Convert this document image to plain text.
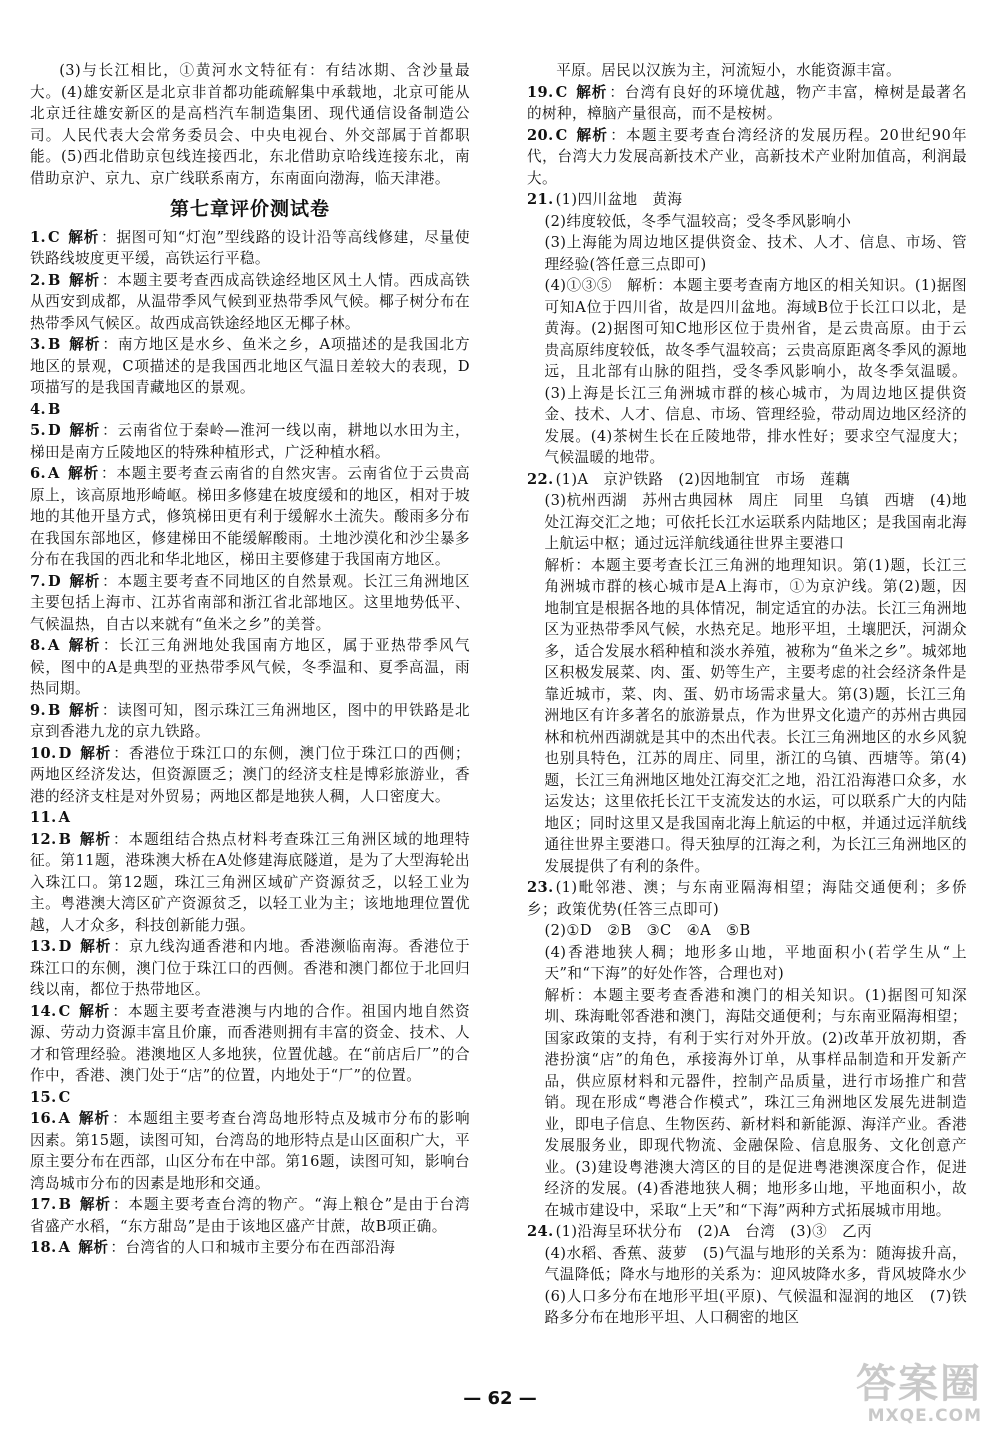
(3)与长江相比，①黄河水文特征有：有结冰期、含沙量最大。(4)雄安新区是北京非首都功能疏解集中承载地，北京可能从北京迁往雄安新区的是高档汽车制造集团、现代通信设备制造公司。人民代表大会常务委员会、中央电视台、外交部属于首都职能。(5)西北借助京包线连接西北，东北借助京哈线连接东北，南借助京沪、京九、京广线联系南方，东南面向渤海，临天津港。

第七章评价测试卷

1. C 解析 ：据图可知“灯泡”型线路的设计沿等高线修建，尽量使铁路线坡度更平缓，高铁运行平稳。

2. B 解析 ：本题主要考查西成高铁途经地区风土人情。西成高铁从西安到成都，从温带季风气候到亚热带季风气候。椰子树分布在热带季风气候区。故西成高铁途经地区无椰子林。

3. B 解析 ：南方地区是水乡、鱼米之乡，A项描述的是我国北方地区的景观，C项描述的是我国西北地区气温日差较大的表现，D项描写的是我国青藏地区的景观。

4. B

5. D 解析 ：云南省位于秦岭—淮河一线以南，耕地以水田为主，梯田是南方丘陵地区的特殊种植形式，广泛种植水稻。

6. A 解析 ：本题主要考查云南省的自然灾害。云南省位于云贵高原上，该高原地形崎岖。梯田多修建在坡度缓和的地区，相对于坡地的其他开垦方式，修筑梯田更有利于缓解水土流失。酸雨多分布在我国东部地区，修建梯田不能缓解酸雨。土地沙漠化和沙尘暴多分布在我国的西北和华北地区，梯田主要修建于我国南方地区。

7. D 解析 ：本题主要考查不同地区的自然景观。长江三角洲地区主要包括上海市、江苏省南部和浙江省北部地区。这里地势低平、气候温热，自古以来就有“鱼米之乡”的美誉。

8. A 解析 ：长江三角洲地处我国南方地区，属于亚热带季风气候，图中的A是典型的亚热带季风气候，冬季温和、夏季高温，雨热同期。

9. B 解析 ：读图可知，图示珠江三角洲地区，图中的甲铁路是北京到香港九龙的京九铁路。

10. D 解析 ：香港位于珠江口的东侧，澳门位于珠江口的西侧；两地区经济发达，但资源匮乏；澳门的经济支柱是博彩旅游业，香港的经济支柱是对外贸易；两地区都是地狭人稠，人口密度大。

11. A

12. B 解析 ：本题组结合热点材料考查珠江三角洲区域的地理特征。第11题，港珠澳大桥在A处修建海底隧道，是为了大型海轮出入珠江口。第12题，珠江三角洲区域矿产资源贫乏，以轻工业为主。粤港澳大湾区矿产资源贫乏，以轻工业为主；该地地理位置优越，人才众多，科技创新能力强。

13. D 解析 ：京九线沟通香港和内地。香港濒临南海。香港位于珠江口的东侧，澳门位于珠江口的西侧。香港和澳门都位于北回归线以南，都位于热带地区。

14. C 解析 ：本题主要考查港澳与内地的合作。祖国内地自然资源、劳动力资源丰富且价廉，而香港则拥有丰富的资金、技术、人才和管理经验。港澳地区人多地狭，位置优越。在“前店后厂”的合作中，香港、澳门处于“店”的位置，内地处于“厂”的位置。

15. C

16. A 解析 ：本题组主要考查台湾岛地形特点及城市分布的影响因素。第15题，读图可知，台湾岛的地形特点是山区面积广大，平原主要分布在西部，山区分布在中部。第16题，读图可知，影响台湾岛城市分布的因素是地形和交通。

17. B 解析 ：本题主要考查台湾的物产。“海上粮仓”是由于台湾省盛产水稻，“东方甜岛”是由于该地区盛产甘蔗，故B项正确。

18. A 解析 ：台湾省的人口和城市主要分布在西部沿海

平原。居民以汉族为主，河流短小，水能资源丰富。

19. C 解析 ：台湾有良好的环境优越，物产丰富，樟树是最著名的树种，樟脑产量很高，而不是桉树。

20. C 解析 ：本题主要考查台湾经济的发展历程。20世纪90年代，台湾大力发展高新技术产业，高新技术产业附加值高，利润最大。

21. (1)四川盆地　黄海

(2)纬度较低，冬季气温较高；受冬季风影响小

(3)上海能为周边地区提供资金、技术、人才、信息、市场、管理经验(答任意三点即可)

(4)①③⑤　解析：本题主要考查南方地区的相关知识。(1)据图可知A位于四川省，故是四川盆地。海域B位于长江口以北，是黄海。(2)据图可知C地形区位于贵州省，是云贵高原。由于云贵高原纬度较低，故冬季气温较高；云贵高原距离冬季风的源地远，且北部有山脉的阻挡，受冬季风影响小，故冬季気温暖。(3)上海是长江三角洲城市群的核心城市，为周边地区提供资金、技术、人才、信息、市场、管理经验，带动周边地区经济的发展。(4)茶树生长在丘陵地带，排水性好；要求空气湿度大；气候温暖的地带。

22. (1)A　京沪铁路　(2)因地制宜　市场　莲藕

(3)杭州西湖　苏州古典园林　周庄　同里　乌镇　西塘　(4)地处江海交汇之地；可依托长江水运联系内陆地区；是我国南北海上航运中枢；通过远洋航线通往世界主要港口

解析：本题主要考查长江三角洲的地理知识。第(1)题，长江三角洲城市群的核心城市是A上海市，①为京沪线。第(2)题，因地制宜是根据各地的具体情况，制定适宜的办法。长江三角洲地区为亚热带季风气候，水热充足。地形平坦，土壤肥沃，河湖众多，适合发展水稻种植和淡水养殖，被称为“鱼米之乡”。城郊地区积极发展菜、肉、蛋、奶等生产，主要考虑的社会经济条件是靠近城市，菜、肉、蛋、奶市场需求量大。第(3)题，长江三角洲地区有许多著名的旅游景点，作为世界文化遗产的苏州古典园林和杭州西湖就是其中的杰出代表。长江三角洲地区的水乡风貌也别具特色，江苏的周庄、同里，浙江的乌镇、西塘等。第(4)题，长江三角洲地区地处江海交汇之地，沿江沿海港口众多，水运发达；这里依托长江干支流发达的水运，可以联系广大的内陆地区；同时这里又是我国南北海上航运的中枢，并通过远洋航线通往世界主要港口。得天独厚的江海之利，为长江三角洲地区的发展提供了有利的条件。

23. (1)毗邻港、澳；与东南亚隔海相望；海陆交通便利；多侨乡；政策优势(任答三点即可)

(2)①D　②B　③C　④A　⑤B

(4)香港地狭人稠；地形多山地，平地面积小(若学生从“上天”和“下海”的好处作答，合理也对)

解析：本题主要考查香港和澳门的相关知识。(1)据图可知深圳、珠海毗邻香港和澳门，海陆交通便利；与东南亚隔海相望；国家政策的支持，有利于实行对外开放。(2)改革开放初期，香港扮演“店”的角色，承接海外订单，从事样品制造和开发新产品，供应原材料和元器件，控制产品质量，进行市场推广和营销。现在形成“粤港合作模式”，珠江三角洲地区发展先进制造业，即电子信息、生物医药、新材料和新能源、海洋产业。香港发展服务业，即现代物流、金融保险、信息服务、文化创意产业。(3)建设粤港澳大湾区的目的是促进粤港澳深度合作，促进经济的发展。(4)香港地狭人稠；地形多山地，平地面积小，故在城市建设中，采取“上天”和“下海”两种方式拓展城市用地。

24. (1)沿海呈环状分布　(2)A　台湾　(3)③　乙丙

(4)水稻、香蕉、菠萝　(5)气温与地形的关系为：随海拔升高，气温降低；降水与地形的关系为：迎风坡降水多，背风坡降水少　(6)人口多分布在地形平坦(平原)、气候温和湿润的地区　(7)铁路多分布在地形平坦、人口稠密的地区

— 62 —	答案圈
MXQE.COM
